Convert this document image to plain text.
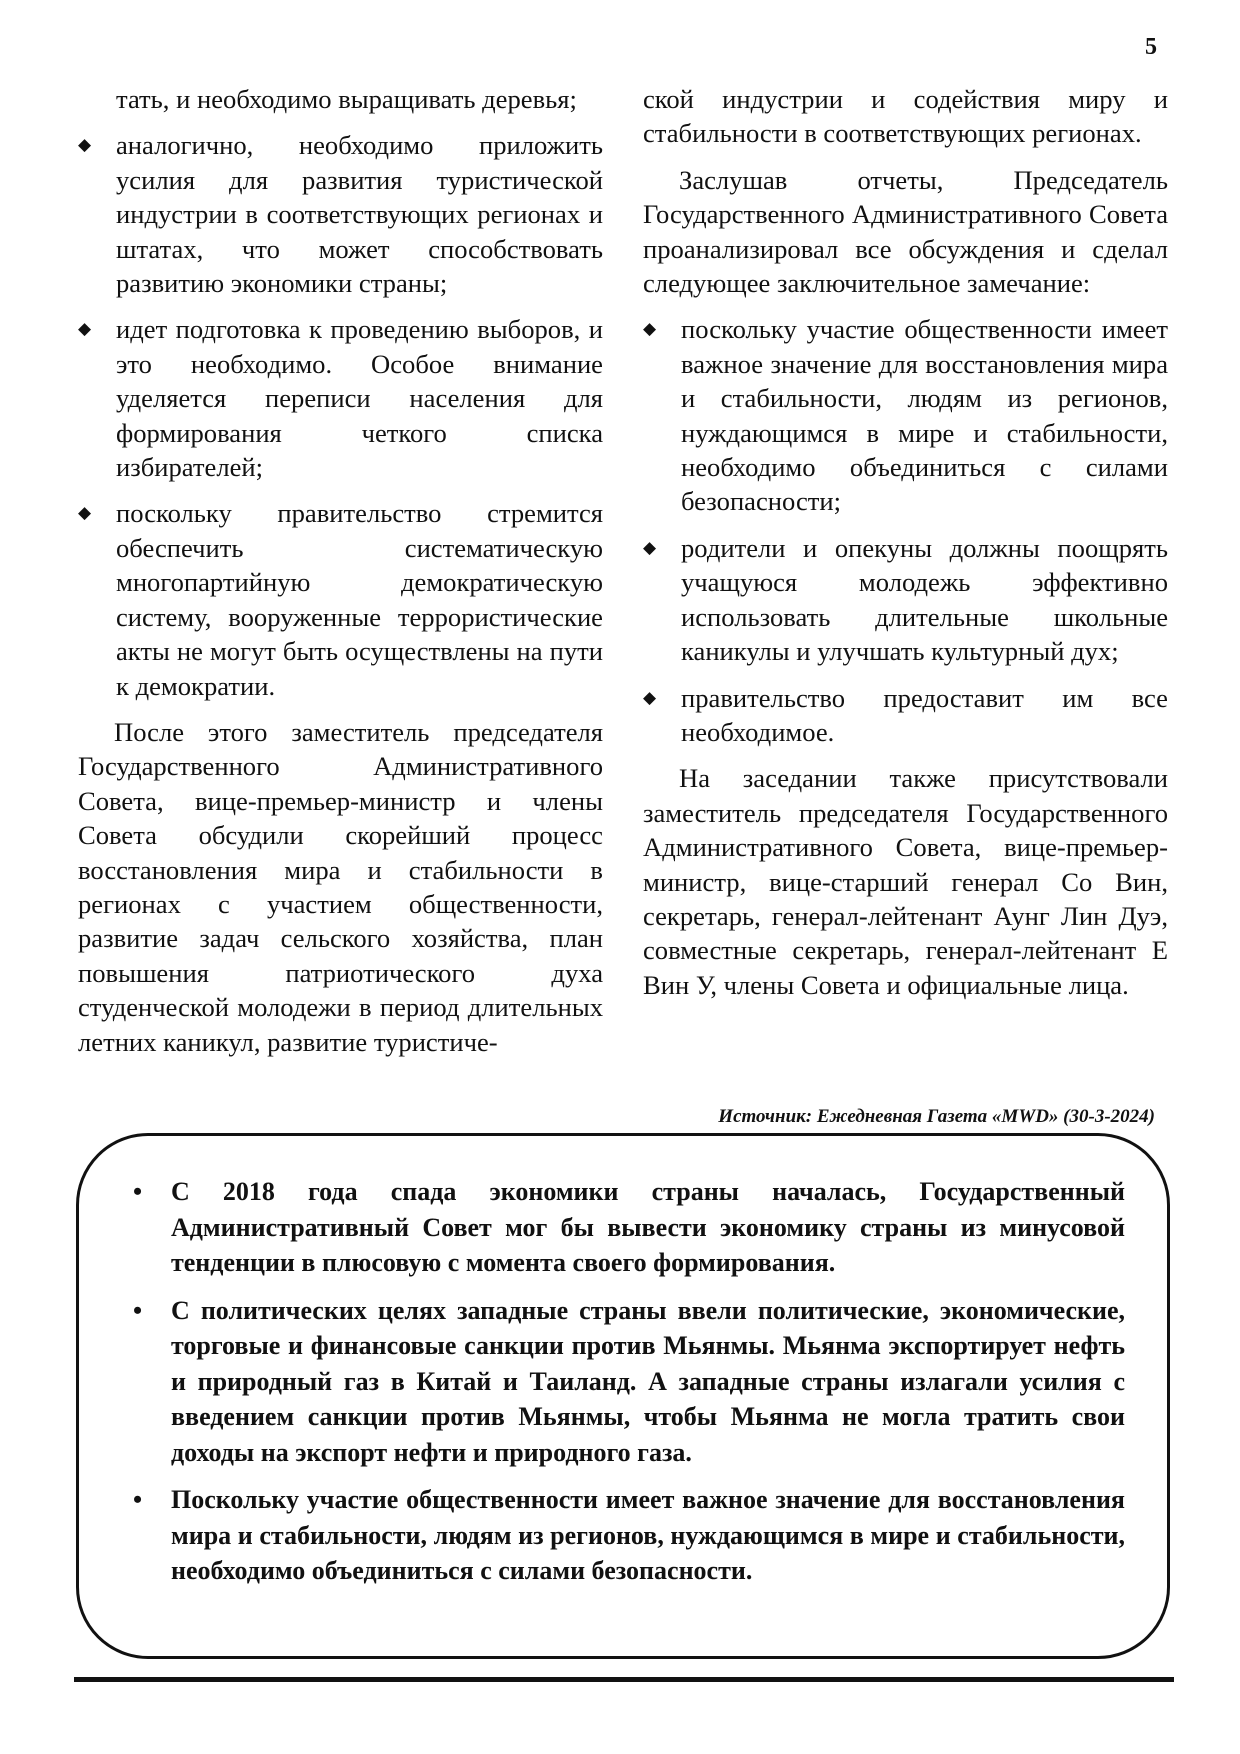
5

тать, и необходимо выращивать деревья;

◆ аналогично, необходимо приложить усилия для развития туристической индустрии в соответствующих регионах и штатах, что может способствовать развитию экономики страны;
◆ идет подготовка к проведению выборов, и это необходимо. Особое внимание уделяется переписи населения для формирования четкого списка избирателей;
◆ поскольку правительство стремится обеспечить систематическую многопартийную демократическую систему, вооруженные террористические акты не могут быть осуществлены на пути к демократии.

После этого заместитель председателя Государственного Административного Совета, вице-премьер-министр и члены Совета обсудили скорейший процесс восстановления мира и стабильности в регионах с участием общественности, развитие задач сельского хозяйства, план повышения патриотического духа студенческой молодежи в период длительных летних каникул, развитие туристиче-

ской индустрии и содействия миру и стабильности в соответствующих регионах.

Заслушав отчеты, Председатель Государственного Административного Совета проанализировал все обсуждения и сделал следующее заключительное замечание:

◆ поскольку участие общественности имеет важное значение для восстановления мира и стабильности, людям из регионов, нуждающимся в мире и стабильности, необходимо объединиться с силами безопасности;
◆ родители и опекуны должны поощрять учащуюся молодежь эффективно использовать длительные школьные каникулы и улучшать культурный дух;
◆ правительство предоставит им все необходимое.

На заседании также присутствовали заместитель председателя Государственного Административного Совета, вице-премьер-министр, вице-старший генерал Со Вин, секретарь, генерал-лейтенант Аунг Лин Дуэ, совместные секретарь, генерал-лейтенант Е Вин У, члены Совета и официальные лица.

Источник: Ежедневная Газета «MWD» (30-3-2024)
• С 2018 года спада экономики страны началась, Государственный Административный Совет мог бы вывести экономику страны из минусовой тенденции в плюсовую с момента своего формирования.
• С политических целях западные страны ввели политические, экономические, торговые и финансовые санкции против Мьянмы. Мьянма экспортирует нефть и природный газ в Китай и Таиланд. А западные страны излагали усилия с введением санкции против Мьянмы, чтобы Мьянма не могла тратить свои доходы на экспорт нефти и природного газа.
• Поскольку участие общественности имеет важное значение для восстановления мира и стабильности, людям из регионов, нуждающимся в мире и стабильности, необходимо объединиться с силами безопасности.
